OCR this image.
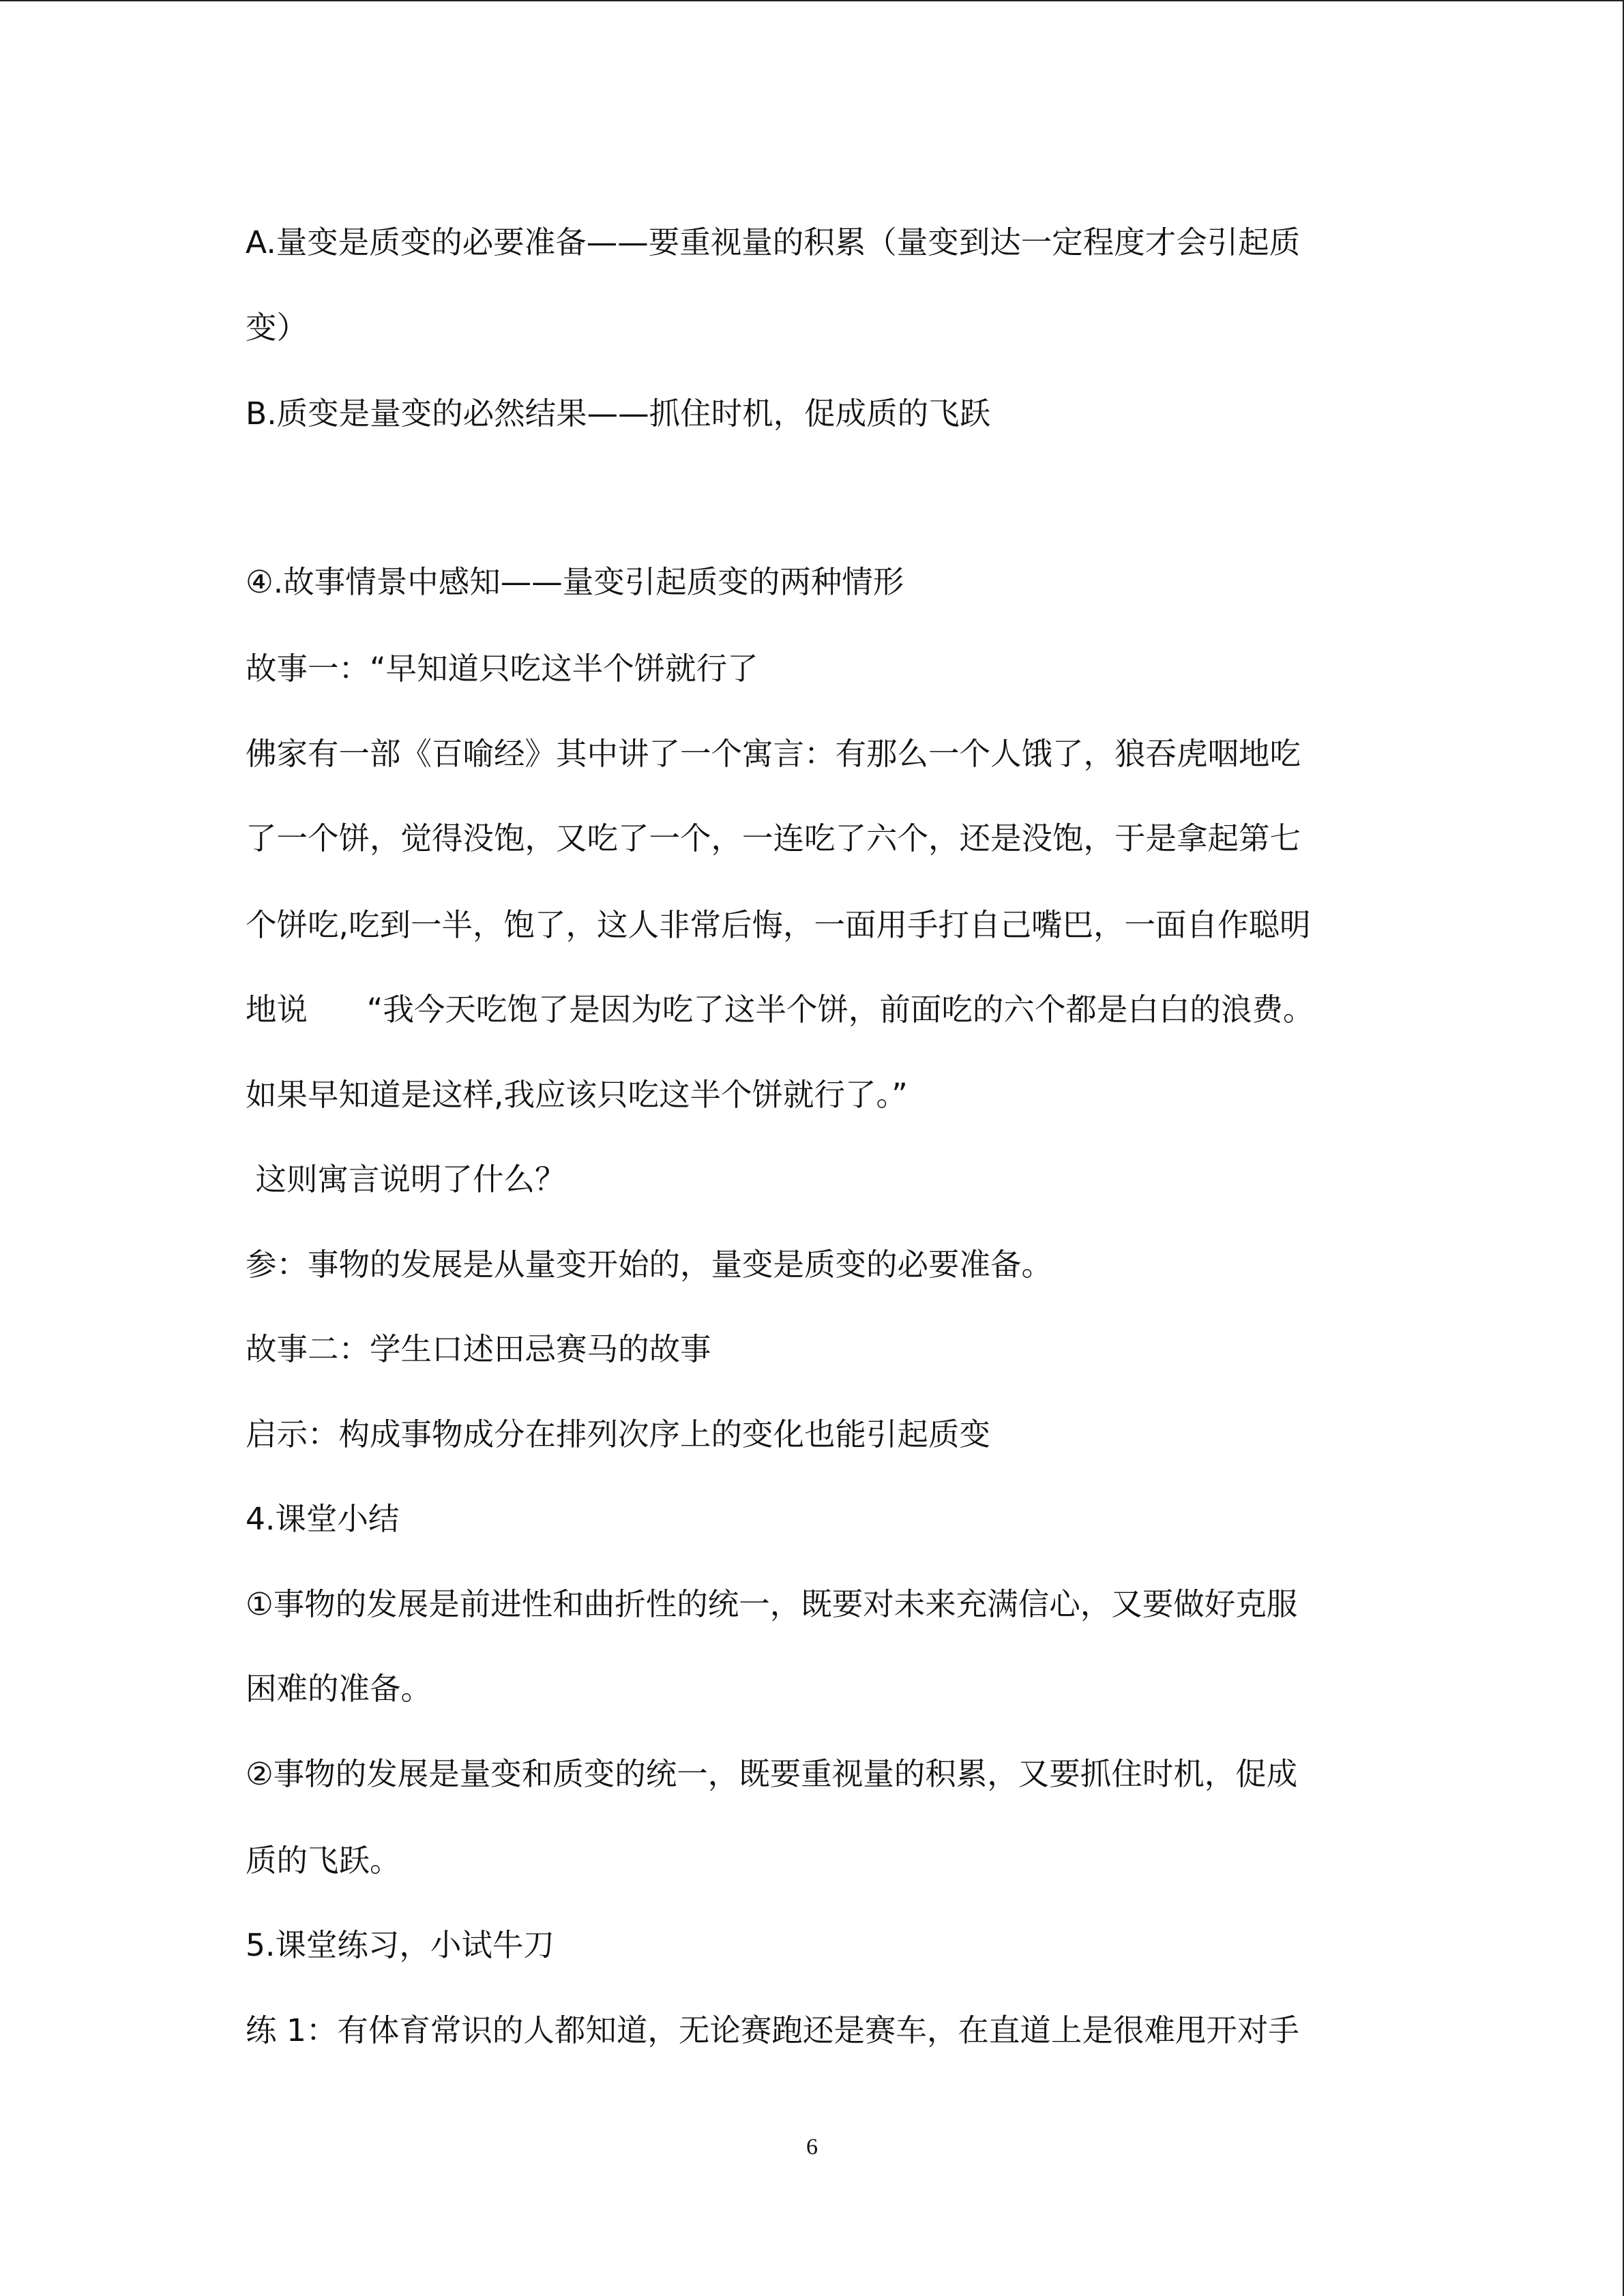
A.量变是质变的必要准备——要重视量的积累（量变到达一定程度才会引起质
变）
B.质变是量变的必然结果——抓住时机，促成质的飞跃
④.故事情景中感知——量变引起质变的两种情形
故事一：“早知道只吃这半个饼就行了
佛家有一部《百喻经》其中讲了一个寓言：有那么一个人饿了，狼吞虎咽地吃
了一个饼，觉得没饱，又吃了一个，一连吃了六个，还是没饱，于是拿起第七
个饼吃,吃到一半，饱了，这人非常后悔，一面用手打自己嘴巴，一面自作聪明
地说      “我今天吃饱了是因为吃了这半个饼，前面吃的六个都是白白的浪费。
如果早知道是这样,我应该只吃这半个饼就行了。”
这则寓言说明了什么？
参：事物的发展是从量变开始的，量变是质变的必要准备。
故事二：学生口述田忌赛马的故事
启示：构成事物成分在排列次序上的变化也能引起质变
4.课堂小结
①事物的发展是前进性和曲折性的统一，既要对未来充满信心，又要做好克服
困难的准备。
②事物的发展是量变和质变的统一，既要重视量的积累，又要抓住时机，促成
质的飞跃。
5.课堂练习，小试牛刀
练 1：有体育常识的人都知道，无论赛跑还是赛车，在直道上是很难甩开对手
6
